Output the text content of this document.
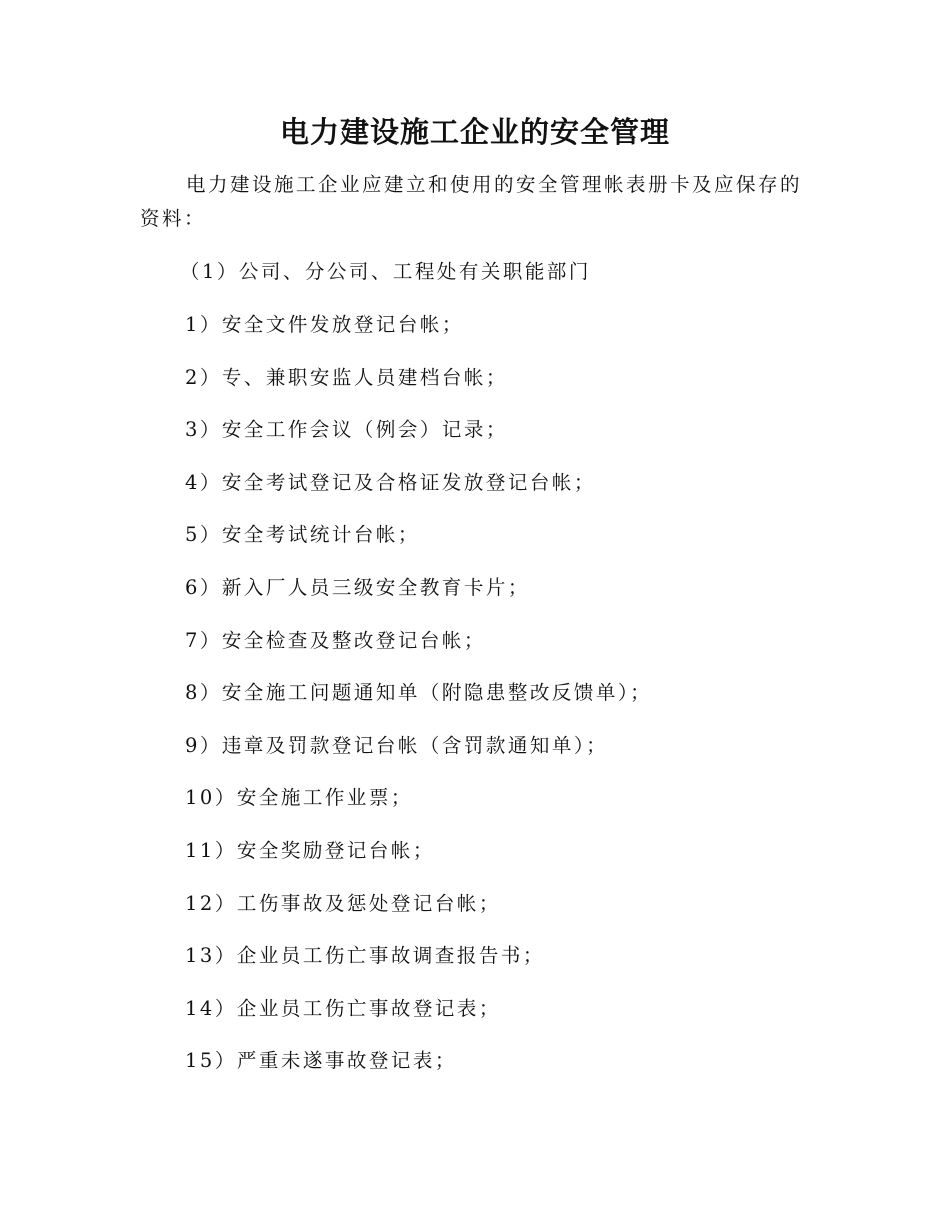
电力建设施工企业的安全管理

电力建设施工企业应建立和使用的安全管理帐表册卡及应保存的资料：

（1）公司、分公司、工程处有关职能部门

1）安全文件发放登记台帐；
2）专、兼职安监人员建档台帐；
3）安全工作会议（例会）记录；
4）安全考试登记及合格证发放登记台帐；
5）安全考试统计台帐；
6）新入厂人员三级安全教育卡片；
7）安全检查及整改登记台帐；
8）安全施工问题通知单（附隐患整改反馈单）；
9）违章及罚款登记台帐（含罚款通知单）；
10）安全施工作业票；
11）安全奖励登记台帐；
12）工伤事故及惩处登记台帐；
13）企业员工伤亡事故调查报告书；
14）企业员工伤亡事故登记表；
15）严重未遂事故登记表；
